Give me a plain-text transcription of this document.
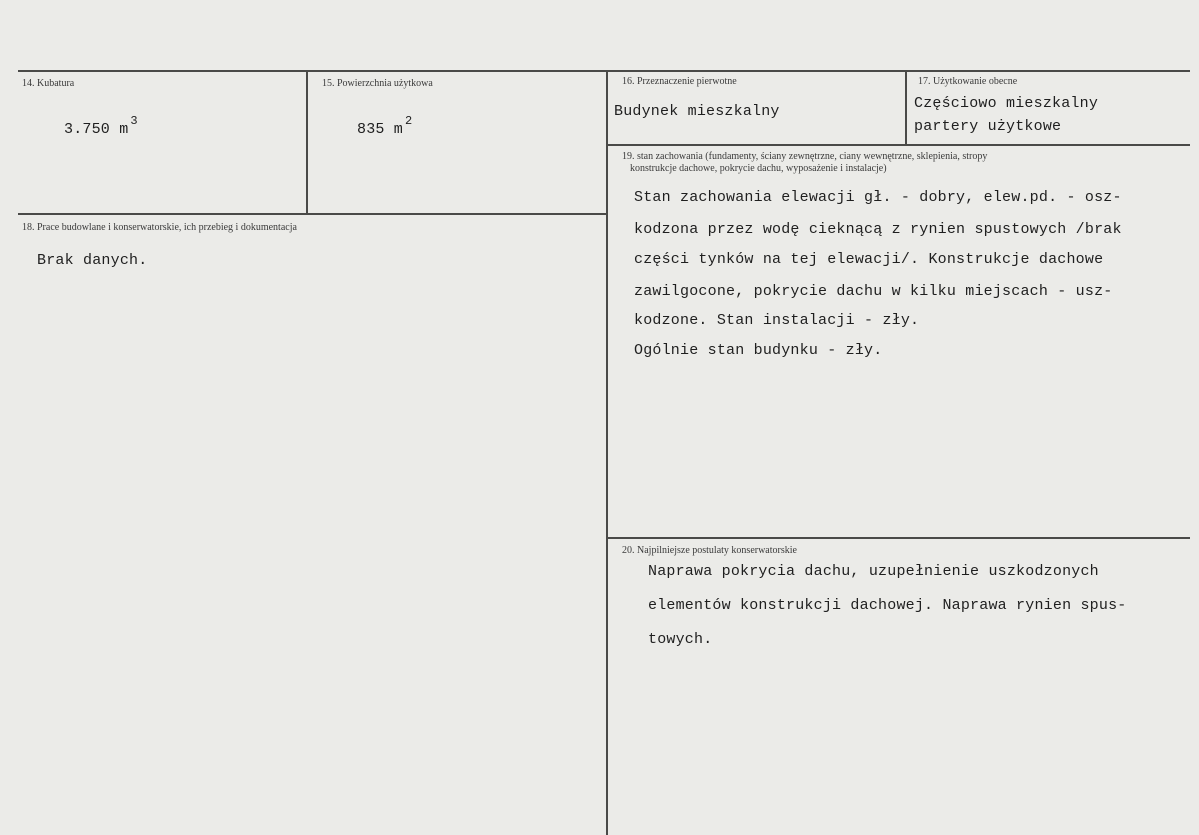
14. Kubatura
3.750 m $^3$
15. Powierzchnia użytkowa
835 m $^2$
16. Przeznaczenie pierwotne
Budynek mieszkalny
17. Użytkowanie obecne
Częściowo mieszkalny
partery użytkowe
18. Prace budowlane i konserwatorskie, ich przebieg i dokumentacja
Brak danych.
19. stan zachowania (fundamenty, ściany zewnętrzne, ciany wewnętrzne, sklepienia, stropy
konstrukcje dachowe, pokrycie dachu, wyposażenie i instalacje)
Stan zachowania elewacji gł. - dobry, elew.pd. - osz-
kodzona przez wodę cieknącą z rynien spustowych /brak
części tynków na tej elewacji/. Konstrukcje dachowe
zawilgocone, pokrycie dachu w kilku miejscach - usz-
kodzone. Stan instalacji - zły.
Ogólnie stan budynku - zły.
20. Najpilniejsze postulaty konserwatorskie
Naprawa pokrycia dachu, uzupełnienie uszkodzonych
elementów konstrukcji dachowej. Naprawa rynien spus-
towych.
